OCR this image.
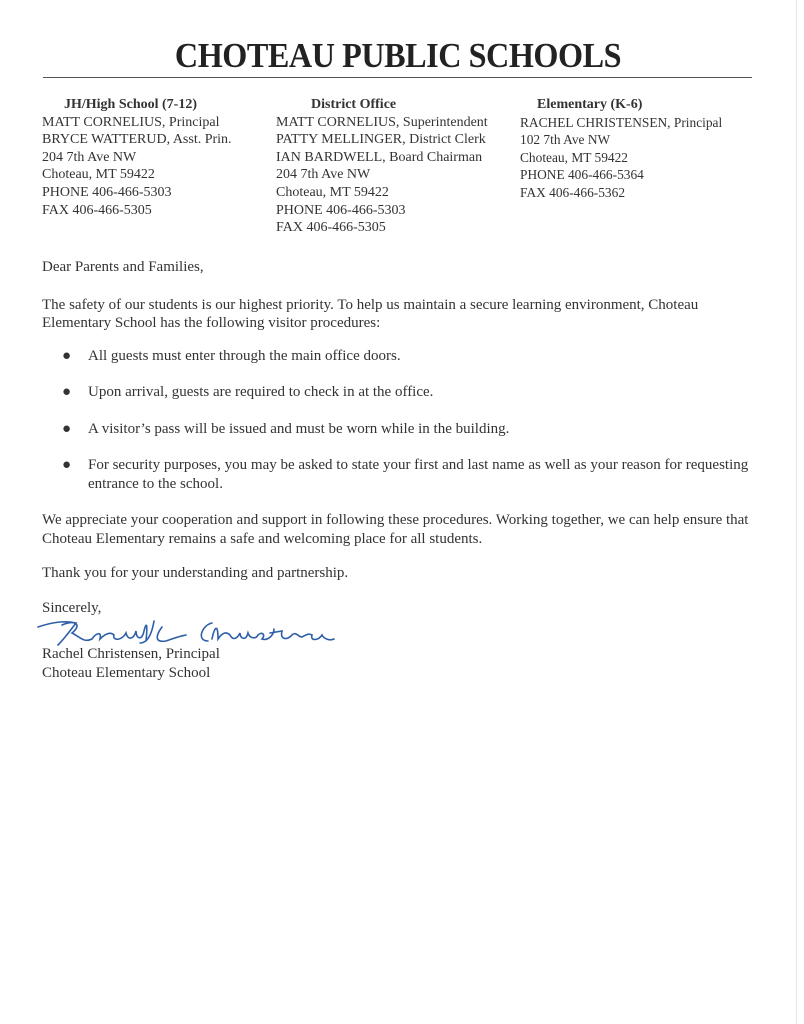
CHOTEAU PUBLIC SCHOOLS
JH/High School (7-12)
MATT CORNELIUS, Principal
BRYCE WATTERUD, Asst. Prin.
204 7th Ave NW
Choteau, MT 59422
PHONE 406-466-5303
FAX 406-466-5305
District Office
MATT CORNELIUS, Superintendent
PATTY MELLINGER, District Clerk
IAN BARDWELL, Board Chairman
204 7th Ave NW
Choteau, MT 59422
PHONE 406-466-5303
FAX 406-466-5305
Elementary (K-6)
RACHEL CHRISTENSEN, Principal
102 7th Ave NW
Choteau, MT 59422
PHONE 406-466-5364
FAX 406-466-5362

Dear Parents and Families,

The safety of our students is our highest priority. To help us maintain a secure learning environment, Choteau Elementary School has the following visitor procedures:

● All guests must enter through the main office doors.
● Upon arrival, guests are required to check in at the office.
● A visitor’s pass will be issued and must be worn while in the building.
● For security purposes, you may be asked to state your first and last name as well as your reason for requesting entrance to the school.

We appreciate your cooperation and support in following these procedures. Working together, we can help ensure that Choteau Elementary remains a safe and welcoming place for all students.

Thank you for your understanding and partnership.

Sincerely,

Rachel Christensen, Principal

Choteau Elementary School
